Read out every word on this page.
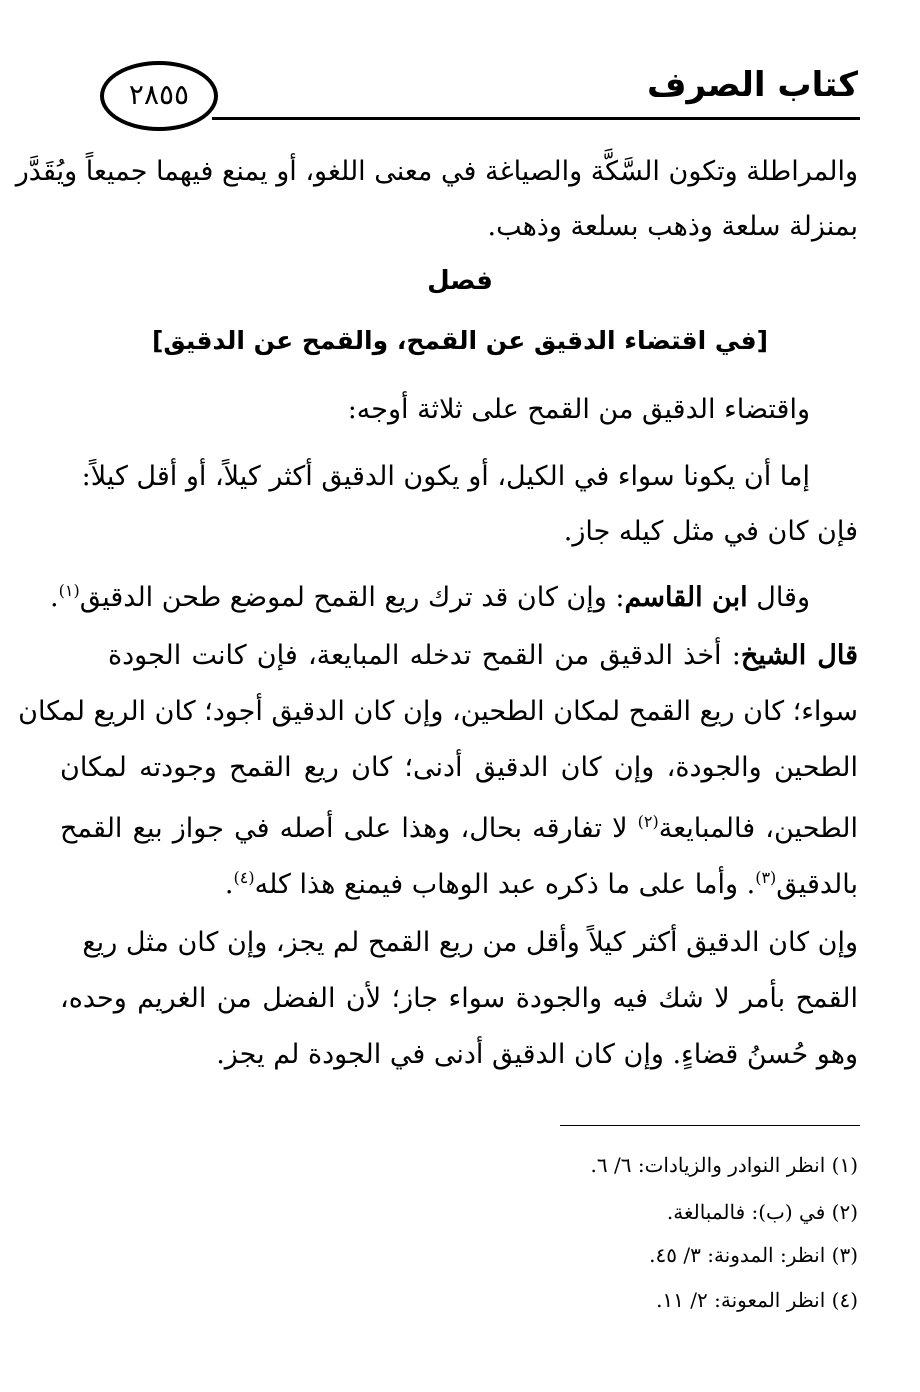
٢٨٥٥	كتاب الصرف
والمراطلة وتكون السَّكَّة والصياغة في معنى اللغو، أو يمنع فيهما جميعاً ويُقَدَّر
بمنزلة سلعة وذهب بسلعة وذهب.
فصل
[في اقتضاء الدقيق عن القمح، والقمح عن الدقيق]
واقتضاء الدقيق من القمح على ثلاثة أوجه:
إما أن يكونا سواء في الكيل، أو يكون الدقيق أكثر كيلاً، أو أقل كيلاً:
فإن كان في مثل كيله جاز.
وقال ابن القاسم: وإن كان قد ترك ريع القمح لموضع طحن الدقيق$^{(١)}$.
قال الشيخ: أخذ الدقيق من القمح تدخله المبايعة، فإن كانت الجودة
سواء؛ كان ريع القمح لمكان الطحين، وإن كان الدقيق أجود؛ كان الريع لمكان
الطحين والجودة، وإن كان الدقيق أدنى؛ كان ريع القمح وجودته لمكان
الطحين، فالمبايعة$^{(٢)}$ لا تفارقه بحال، وهذا على أصله في جواز بيع القمح
بالدقيق$^{(٣)}$. وأما على ما ذكره عبد الوهاب فيمنع هذا كله$^{(٤)}$.
وإن كان الدقيق أكثر كيلاً وأقل من ريع القمح لم يجز، وإن كان مثل ريع
القمح بأمر لا شك فيه والجودة سواء جاز؛ لأن الفضل من الغريم وحده،
وهو حُسنُ قضاءٍ. وإن كان الدقيق أدنى في الجودة لم يجز.
(١) انظر النوادر والزيادات: ٦/ ٦.
(٢) في (ب): فالمبالغة.
(٣) انظر: المدونة: ٣/ ٤٥.
(٤) انظر المعونة: ٢/ ١١.
